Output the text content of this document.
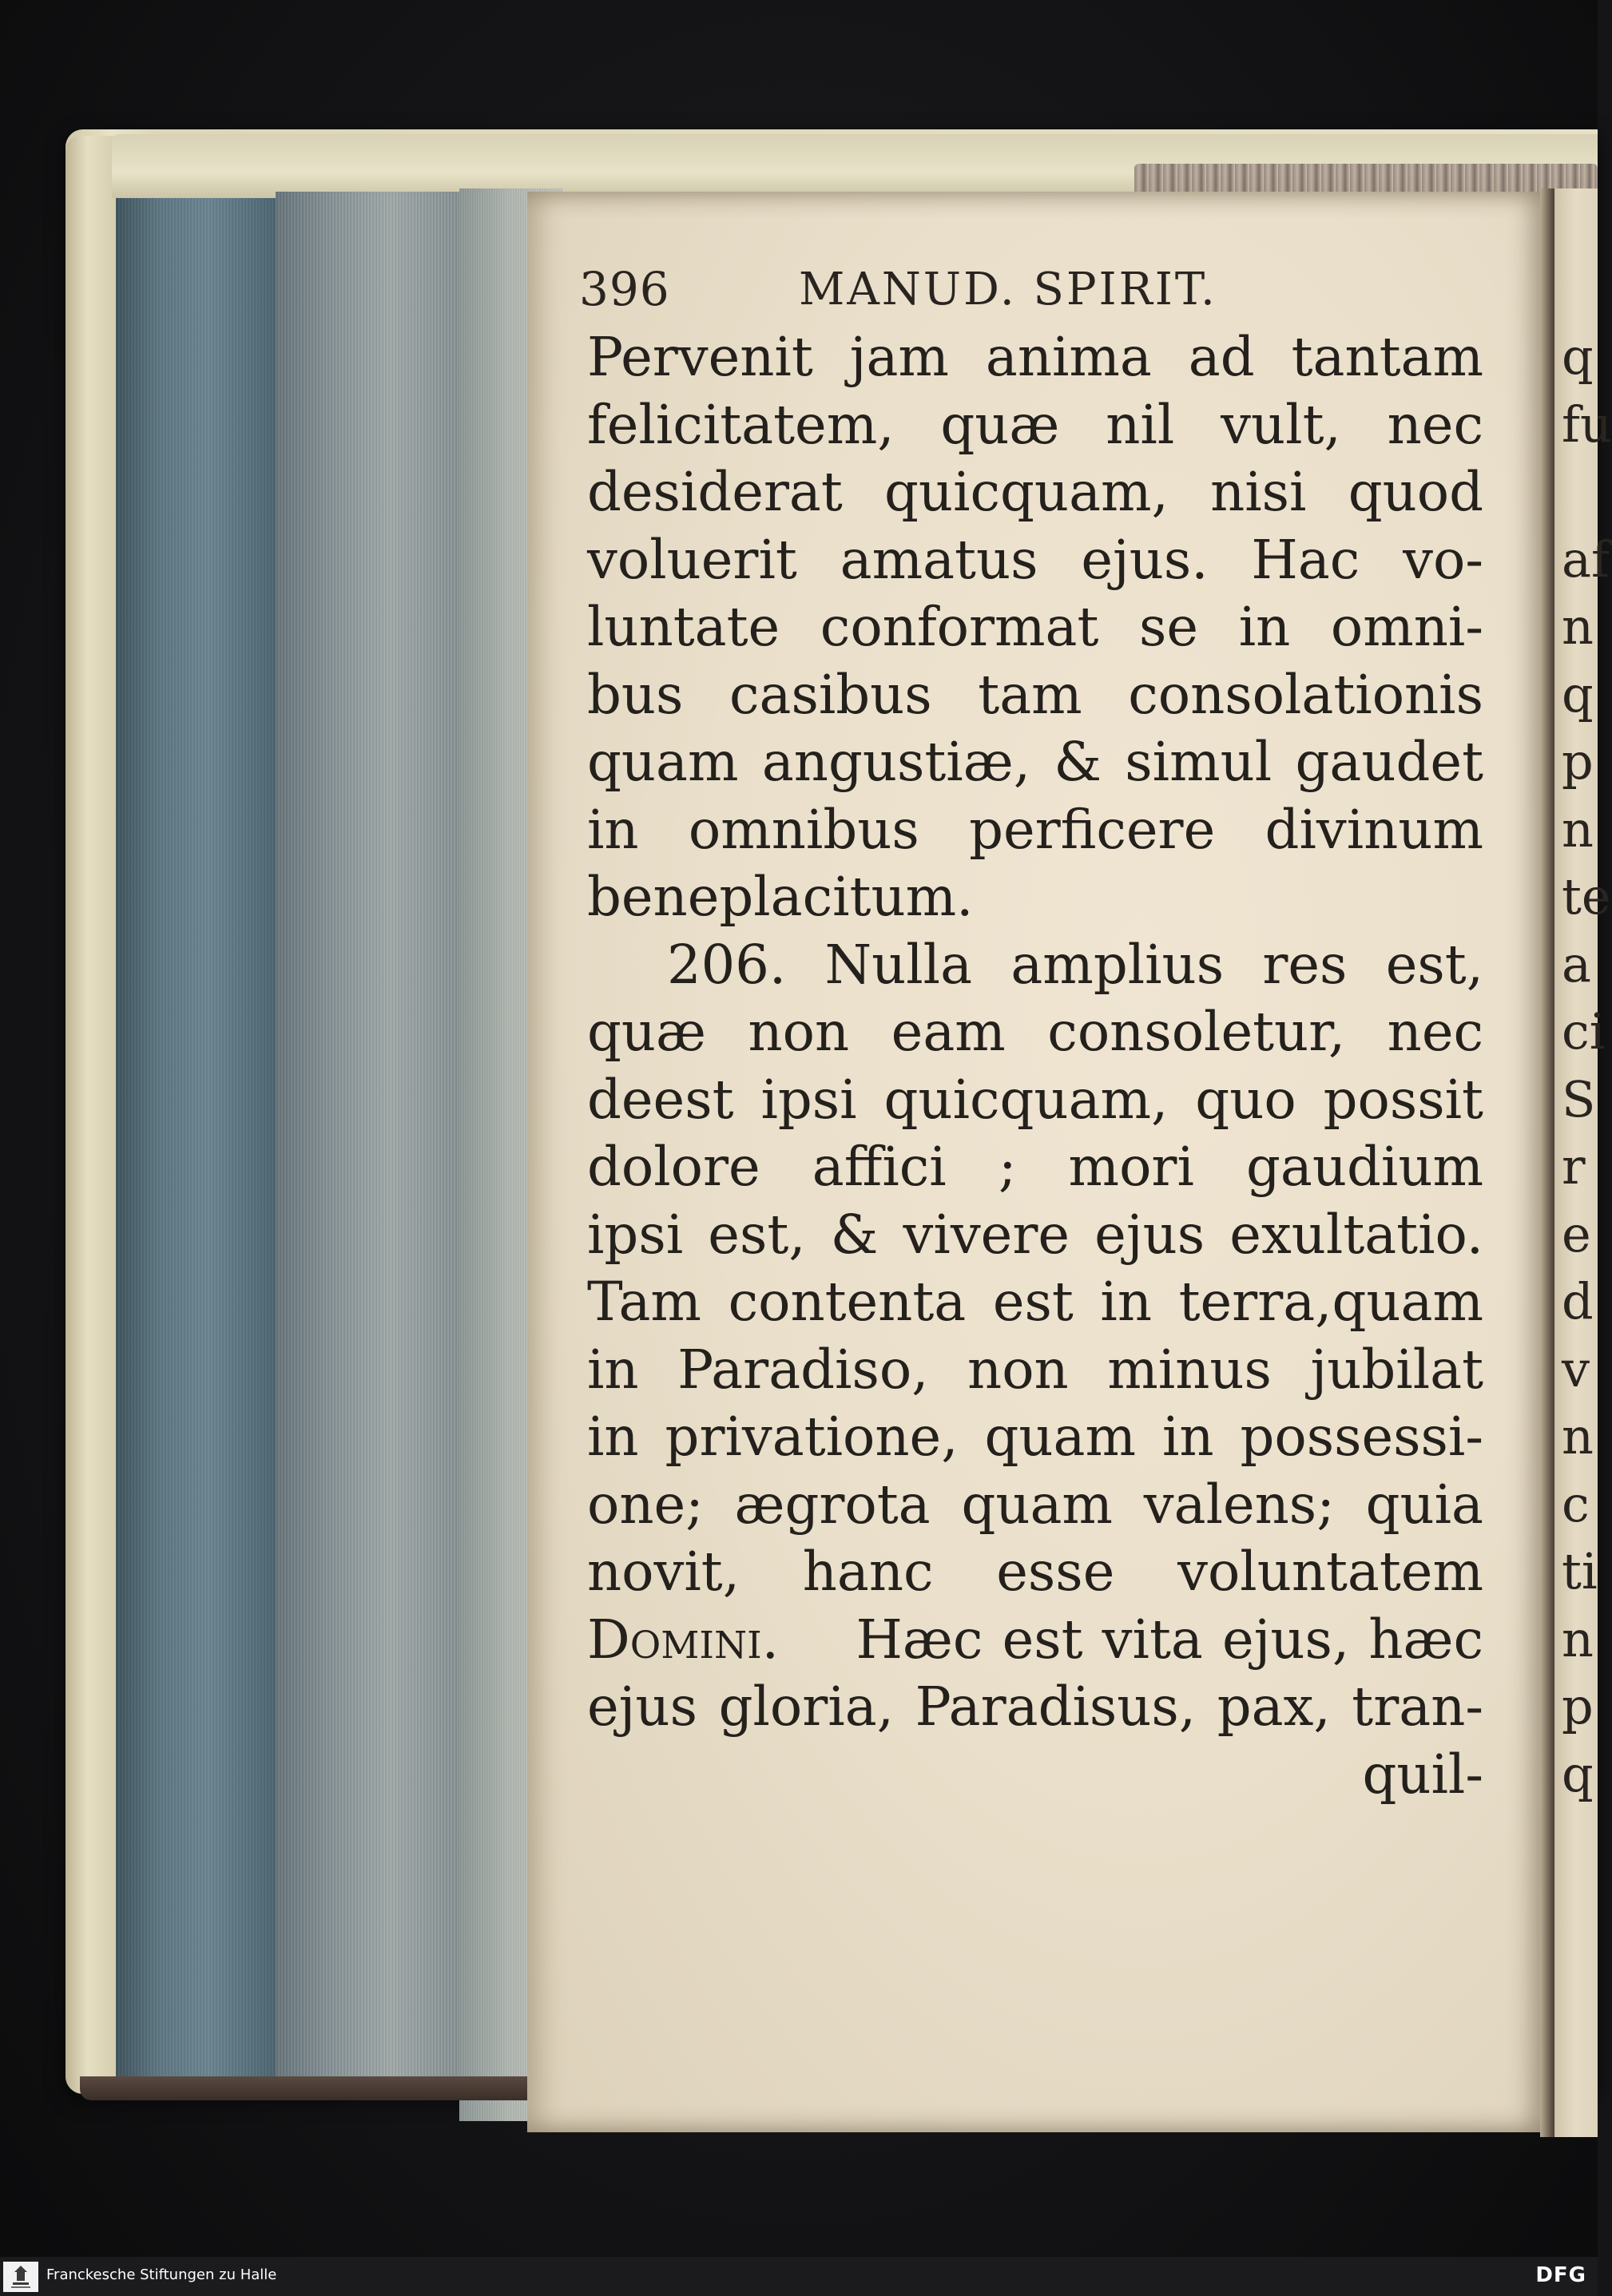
396	MANUD. SPIRIT.
Pervenit jam anima ad tantam
felicitatem, quæ nil vult, nec
desiderat quicquam, nisi quod
voluerit amatus ejus. Hac vo-
luntate conformat se in omni-
bus casibus tam consolationis
quam angustiæ, & simul gaudet
in omnibus perficere divinum
beneplacitum.
206. Nulla amplius res est,
quæ non eam consoletur, nec
deest ipsi quicquam, quo possit
dolore affici ; mori gaudium
ipsi est, & vivere ejus exultatio.
Tam contenta est in terra,quam
in Paradiso, non minus jubilat
in privatione, quam in possessi-
one; ægrota quam valens; quia
novit, hanc esse voluntatem
Domini. Hæc est vita ejus, hæc
ejus gloria, Paradisus, pax, tran-
quil-
q
fu
af
n
q
p
n
te
a
ci
S
r
e
d
v
n
c
ti
n
p
q
Franckesche Stiftungen zu Halle	DFG
